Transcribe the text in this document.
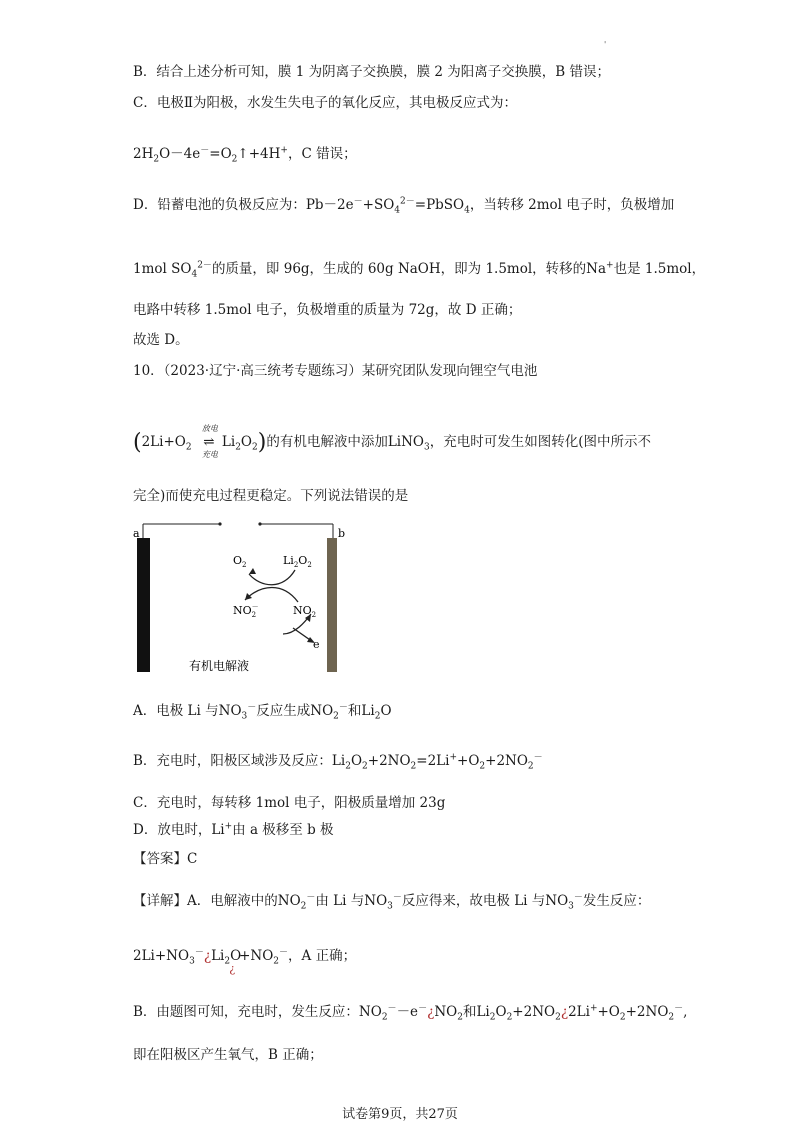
'
B．结合上述分析可知，膜 1 为阴离子交换膜，膜 2 为阳离子交换膜，B 错误；
C．电极Ⅱ为阳极，水发生失电子的氧化反应，其电极反应式为：
$2H_2O-4e^-=O_2↑+4H^+$，C 错误；
D．铅蓄电池的负极反应为：$Pb-2e^-+SO_4^{2-}=PbSO_4$，当转移 2mol 电子时，负极增加
1mol $SO_4^{2-}$的质量，即 96g，生成的 60g NaOH，即为 1.5mol，转移的Na+也是 1.5mol，
电路中转移 1.5mol 电子，负极增重的质量为 72g，故 D 正确；
故选 D。
10．（2023·辽宁·高三统考专题练习）某研究团队发现向锂空气电池
($2Li+O_2$
放电
⇌
充电
$Li_2O_2$)的有机电解液中添加LiNO$_3$，充电时可发生如图转化(图中所示不
完全)而使充电过程更稳定。下列说法错误的是
a	b
$O_2$	$Li_2O_2$
NO－ 2	$NO_2$
e
有机电解液
A．电极 Li 与$NO_3^-$反应生成$NO_2^-$和$Li_2O$
B．充电时，阳极区域涉及反应：$Li_2O_2+2NO_2=2Li^++O_2+2NO_2^-$
C．充电时，每转移 1mol 电子，阳极质量增加 23g
D．放电时，Li+由 a 极移至 b 极
【答案】C
【详解】A．电解液中的$NO_2^-$由 Li 与$NO_3^-$反应得来，故电极 Li 与$NO_3^-$发生反应：
$2Li+NO_3^-¿Li_2O_¿+NO_2^-$，A 正确；
B．由题图可知，充电时，发生反应：$NO_2^--e^-¿NO_2$和$Li_2O_2+2NO_2¿2Li^++O_2+2NO_2^-$,
即在阳极区产生氧气，B 正确；
试卷第9页，共27页
